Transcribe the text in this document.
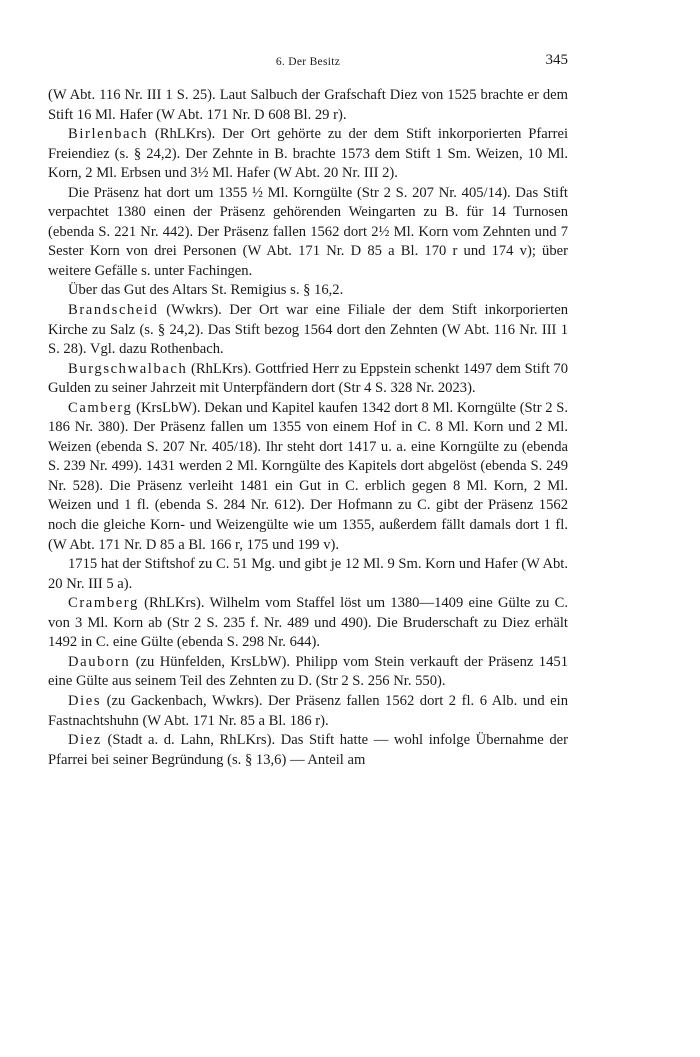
6. Der Besitz	345

(W Abt. 116 Nr. III 1 S. 25). Laut Salbuch der Grafschaft Diez von 1525 brachte er dem Stift 16 Ml. Hafer (W Abt. 171 Nr. D 608 Bl. 29 r).

Birlenbach (RhLKrs). Der Ort gehörte zu der dem Stift inkorporierten Pfarrei Freiendiez (s. § 24,2). Der Zehnte in B. brachte 1573 dem Stift 1 Sm. Weizen, 10 Ml. Korn, 2 Ml. Erbsen und 3½ Ml. Hafer (W Abt. 20 Nr. III 2).

Die Präsenz hat dort um 1355 ½ Ml. Korngülte (Str 2 S. 207 Nr. 405/14). Das Stift verpachtet 1380 einen der Präsenz gehörenden Weingarten zu B. für 14 Turnosen (ebenda S. 221 Nr. 442). Der Präsenz fallen 1562 dort 2½ Ml. Korn vom Zehnten und 7 Sester Korn von drei Personen (W Abt. 171 Nr. D 85 a Bl. 170 r und 174 v); über weitere Gefälle s. unter Fachingen.

Über das Gut des Altars St. Remigius s. § 16,2.

Brandscheid (Wwkrs). Der Ort war eine Filiale der dem Stift inkorporierten Kirche zu Salz (s. § 24,2). Das Stift bezog 1564 dort den Zehnten (W Abt. 116 Nr. III 1 S. 28). Vgl. dazu Rothenbach.

Burgschwalbach (RhLKrs). Gottfried Herr zu Eppstein schenkt 1497 dem Stift 70 Gulden zu seiner Jahrzeit mit Unterpfändern dort (Str 4 S. 328 Nr. 2023).

Camberg (KrsLbW). Dekan und Kapitel kaufen 1342 dort 8 Ml. Korngülte (Str 2 S. 186 Nr. 380). Der Präsenz fallen um 1355 von einem Hof in C. 8 Ml. Korn und 2 Ml. Weizen (ebenda S. 207 Nr. 405/18). Ihr steht dort 1417 u. a. eine Korngülte zu (ebenda S. 239 Nr. 499). 1431 werden 2 Ml. Korngülte des Kapitels dort abgelöst (ebenda S. 249 Nr. 528). Die Präsenz verleiht 1481 ein Gut in C. erblich gegen 8 Ml. Korn, 2 Ml. Weizen und 1 fl. (ebenda S. 284 Nr. 612). Der Hofmann zu C. gibt der Präsenz 1562 noch die gleiche Korn- und Weizengülte wie um 1355, außerdem fällt damals dort 1 fl. (W Abt. 171 Nr. D 85 a Bl. 166 r, 175 und 199 v).

1715 hat der Stiftshof zu C. 51 Mg. und gibt je 12 Ml. 9 Sm. Korn und Hafer (W Abt. 20 Nr. III 5 a).

Cramberg (RhLKrs). Wilhelm vom Staffel löst um 1380—1409 eine Gülte zu C. von 3 Ml. Korn ab (Str 2 S. 235 f. Nr. 489 und 490). Die Bruderschaft zu Diez erhält 1492 in C. eine Gülte (ebenda S. 298 Nr. 644).

Dauborn (zu Hünfelden, KrsLbW). Philipp vom Stein verkauft der Präsenz 1451 eine Gülte aus seinem Teil des Zehnten zu D. (Str 2 S. 256 Nr. 550).

Dies (zu Gackenbach, Wwkrs). Der Präsenz fallen 1562 dort 2 fl. 6 Alb. und ein Fastnachtshuhn (W Abt. 171 Nr. 85 a Bl. 186 r).

Diez (Stadt a. d. Lahn, RhLKrs). Das Stift hatte — wohl infolge Übernahme der Pfarrei bei seiner Begründung (s. § 13,6) — Anteil am
